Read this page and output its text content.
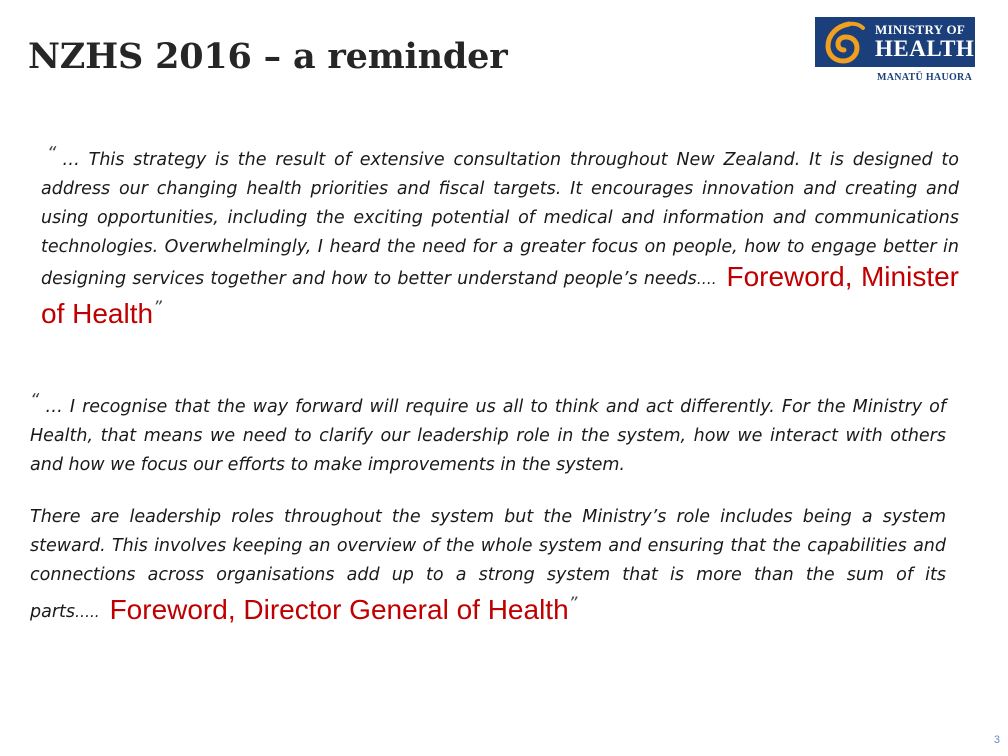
NZHS 2016 – a reminder
MINISTRY OF
HEALTH
MANATŪ HAUORA

“ … This strategy is the result of extensive consultation throughout New Zealand. It is designed to address our changing health priorities and fiscal targets. It encourages innovation and creating and using opportunities, including the exciting potential of medical and information and communications technologies. Overwhelmingly, I heard the need for a greater focus on people, how to engage better in designing services together and how to better understand people’s needs…. Foreword, Minister of Health”

“ … I recognise that the way forward will require us all to think and act differently. For the Ministry of Health, that means we need to clarify our leadership role in the system, how we interact with others and how we focus our efforts to make improvements in the system.

There are leadership roles throughout the system but the Ministry’s role includes being a system steward. This involves keeping an overview of the whole system and ensuring that the capabilities and connections across organisations add up to a strong system that is more than the sum of its parts….. Foreword, Director General of Health”

3
